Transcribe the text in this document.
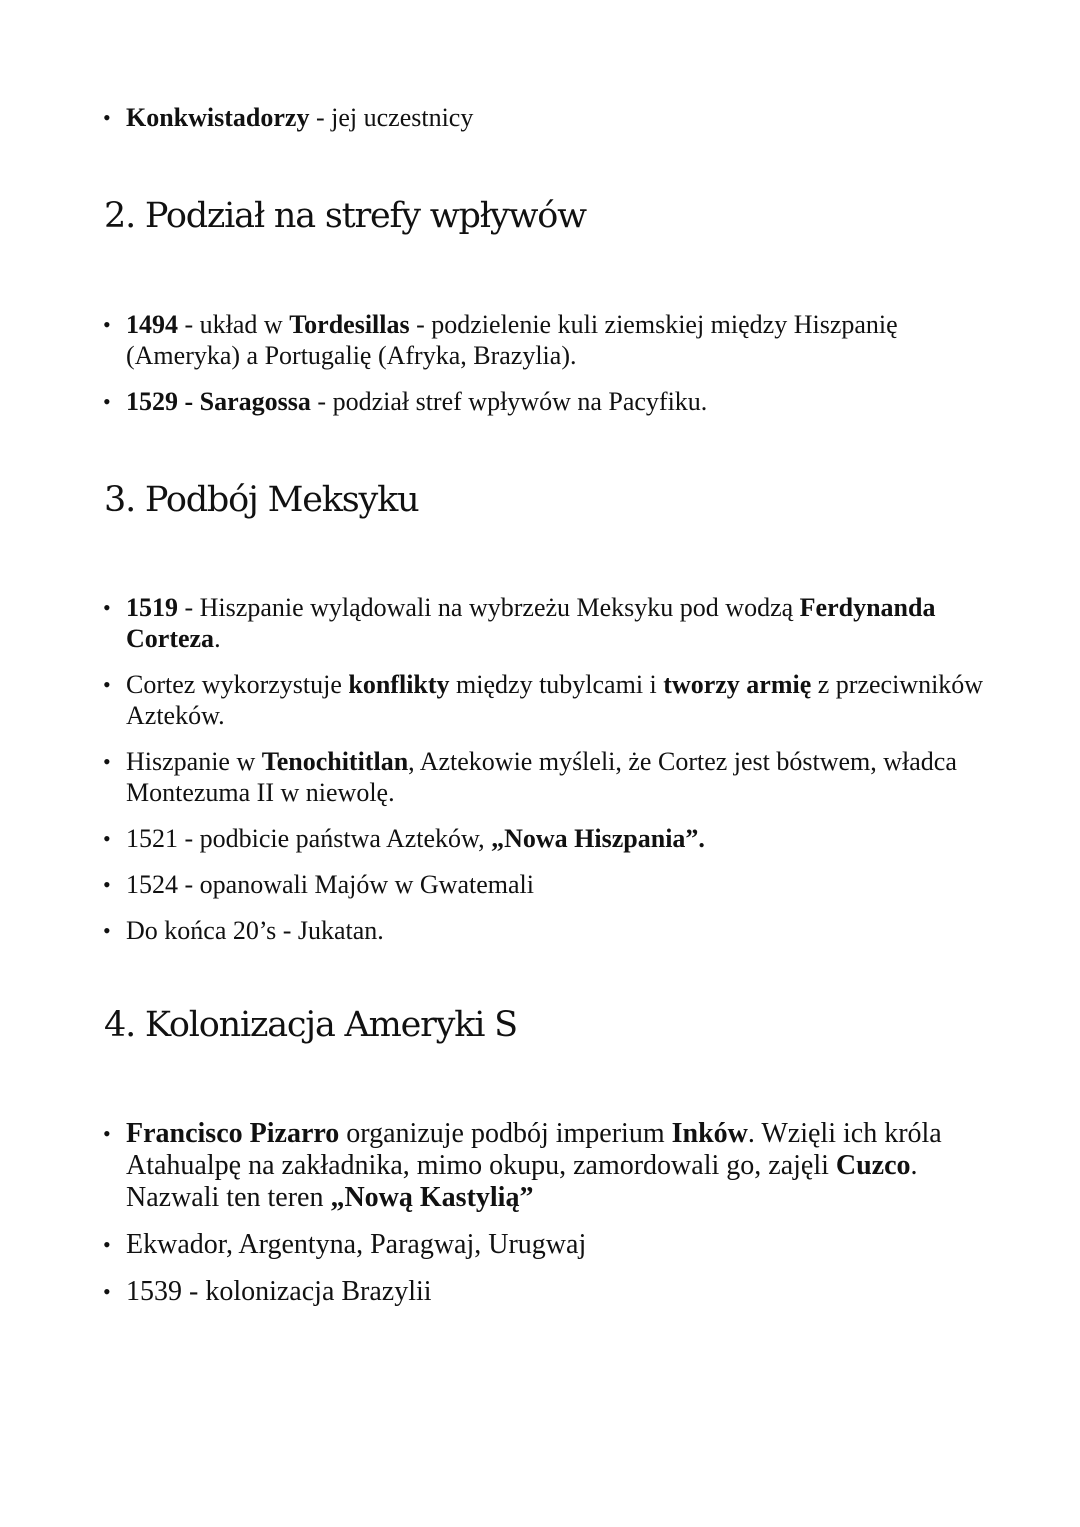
• Konkwistadorzy - jej uczestnicy
2. Podział na strefy wpływów
• 1494 - układ w Tordesillas - podzielenie kuli ziemskiej między Hiszpanię (Ameryka) a Portugalię (Afryka, Brazylia).
• 1529 - Saragossa - podział stref wpływów na Pacyfiku.
3. Podbój Meksyku
• 1519 - Hiszpanie wylądowali na wybrzeżu Meksyku pod wodzą Ferdynanda Corteza.
• Cortez wykorzystuje konflikty między tubylcami i tworzy armię z przeciwników Azteków.
• Hiszpanie w Tenochititlan, Aztekowie myśleli, że Cortez jest bóstwem, władca Montezuma II w niewolę.
• 1521 - podbicie państwa Azteków, „Nowa Hiszpania”.
• 1524 - opanowali Majów w Gwatemali
• Do końca 20’s - Jukatan.
4. Kolonizacja Ameryki S
• Francisco Pizarro organizuje podbój imperium Inków. Wzięli ich króla Atahualpę na zakładnika, mimo okupu, zamordowali go, zajęli Cuzco. Nazwali ten teren „Nową Kastylią”
• Ekwador, Argentyna, Paragwaj, Urugwaj
• 1539 - kolonizacja Brazylii
